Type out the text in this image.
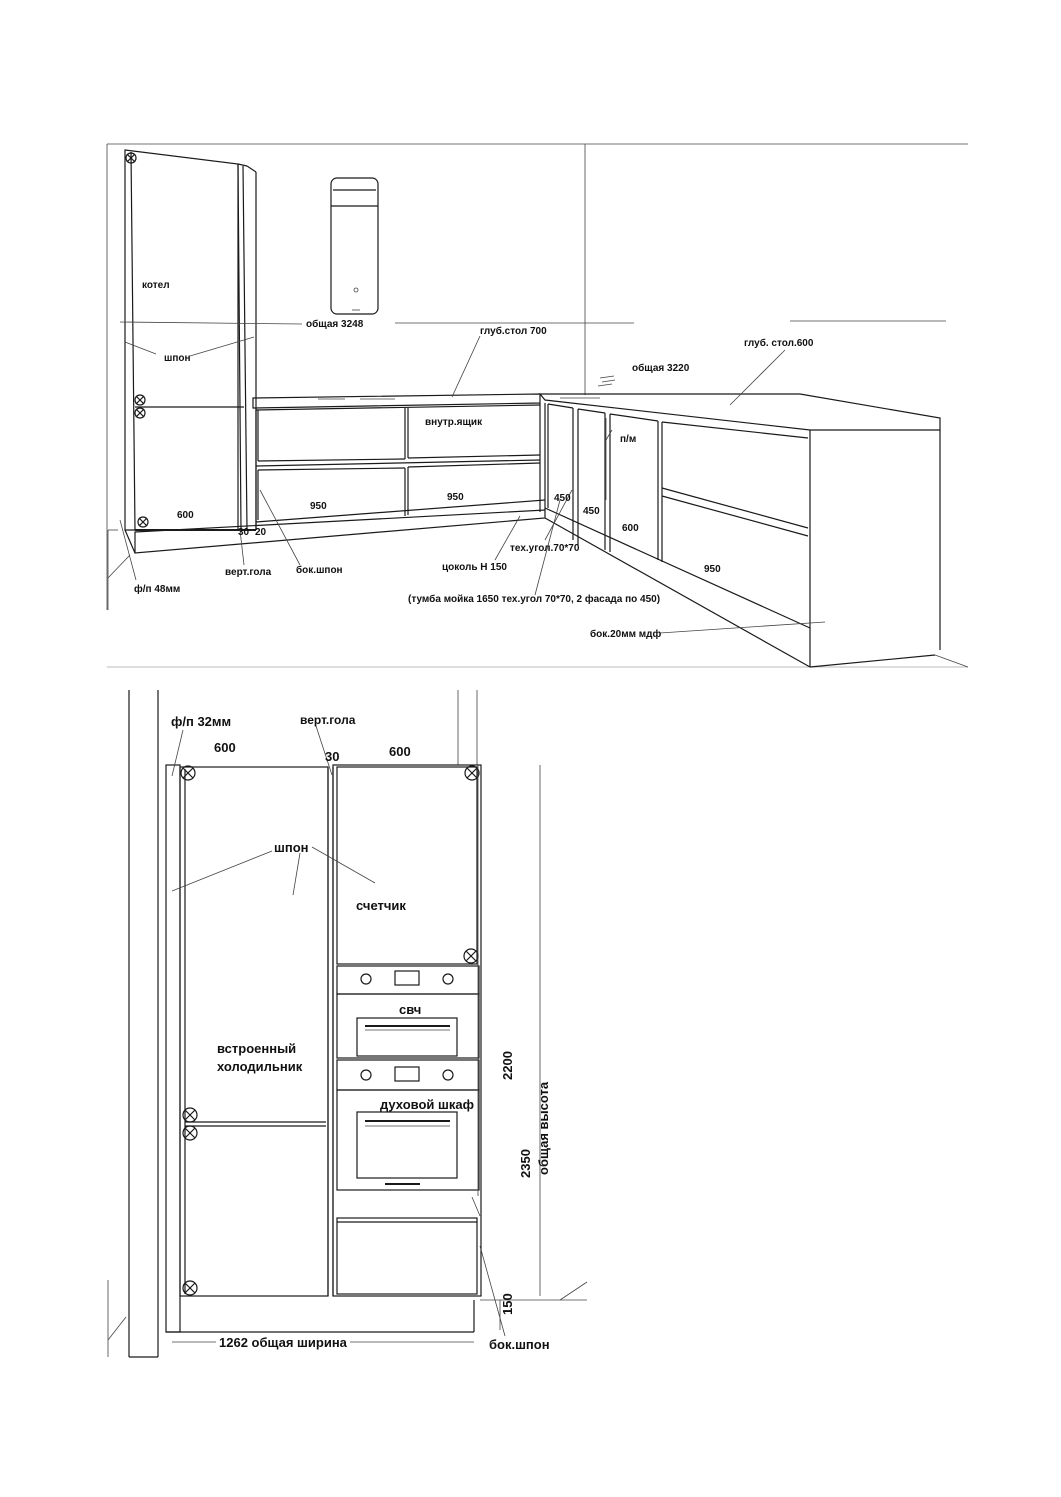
котел
шпон
общая 3248
глуб.стол 700
общая 3220
глуб. стол.600
внутр.ящик
п/м
600
30 20
950
950	450
450
600
950
ф/п 48мм
верт.гола бок.шпон	цоколь Н 150
тех.угол.70*70
(тумба мойка 1650 тех.угол 70*70, 2 фасада по 450)
бок.20мм мдф
ф/п 32мм	верт.гола
600
30	600
шпон
счетчик
встроенный
холодильник
свч
духовой шкаф
2200
2350 общая высота
150
1262 общая ширина	бок.шпон
